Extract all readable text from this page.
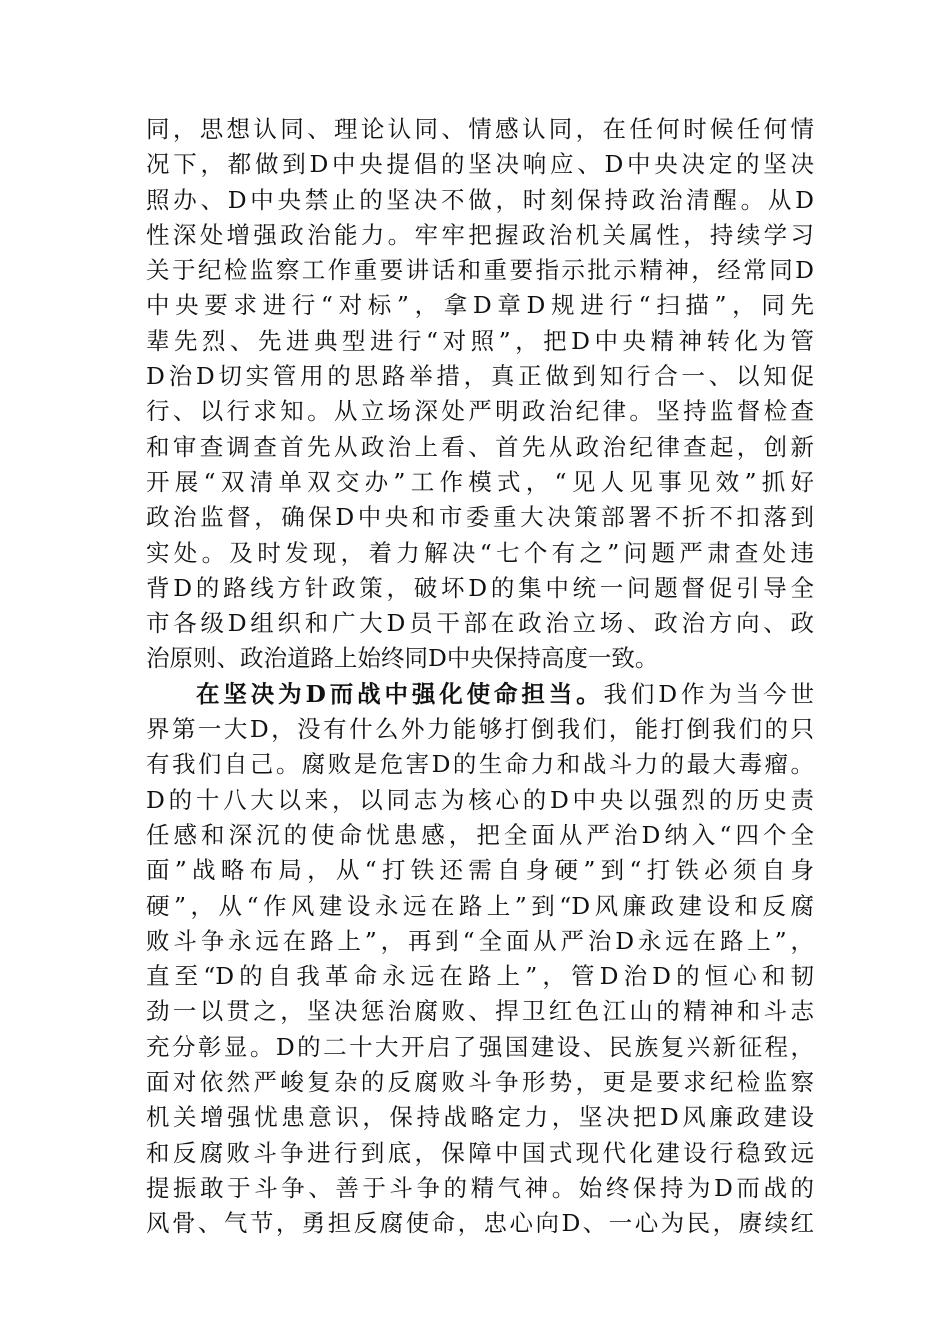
同，思想认同、理论认同、情感认同，在任何时候任何情
况下，都做到D中央提倡的坚决响应、D中央决定的坚决
照办、D中央禁止的坚决不做，时刻保持政治清醒。从D
性深处增强政治能力。牢牢把握政治机关属性，持续学习
关于纪检监察工作重要讲话和重要指示批示精神，经常同D
中央要求进行“对标”，拿D章D规进行“扫描”，同先
辈先烈、先进典型进行“对照”，把D中央精神转化为管
D治D切实管用的思路举措，真正做到知行合一、以知促
行、以行求知。从立场深处严明政治纪律。坚持监督检查
和审查调查首先从政治上看、首先从政治纪律查起，创新
开展“双清单双交办”工作模式，“见人见事见效”抓好
政治监督，确保D中央和市委重大决策部署不折不扣落到
实处。及时发现，着力解决“七个有之”问题严肃查处违
背D的路线方针政策，破坏D的集中统一问题督促引导全
市各级D组织和广大D员干部在政治立场、政治方向、政
治原则、政治道路上始终同D中央保持高度一致。
在坚决为D而战中强化使命担当。我们D作为当今世
界第一大D，没有什么外力能够打倒我们，能打倒我们的只
有我们自己。腐败是危害D的生命力和战斗力的最大毒瘤。
D的十八大以来，以同志为核心的D中央以强烈的历史责
任感和深沉的使命忧患感，把全面从严治D纳入“四个全
面”战略布局，从“打铁还需自身硬”到“打铁必须自身
硬”，从“作风建设永远在路上”到“D风廉政建设和反腐
败斗争永远在路上”，再到“全面从严治D永远在路上”，
直至“D的自我革命永远在路上”，管D治D的恒心和韧
劲一以贯之，坚决惩治腐败、捍卫红色江山的精神和斗志
充分彰显。D的二十大开启了强国建设、民族复兴新征程，
面对依然严峻复杂的反腐败斗争形势，更是要求纪检监察
机关增强忧患意识，保持战略定力，坚决把D风廉政建设
和反腐败斗争进行到底，保障中国式现代化建设行稳致远
提振敢于斗争、善于斗争的精气神。始终保持为D而战的
风骨、气节，勇担反腐使命，忠心向D、一心为民，赓续红
